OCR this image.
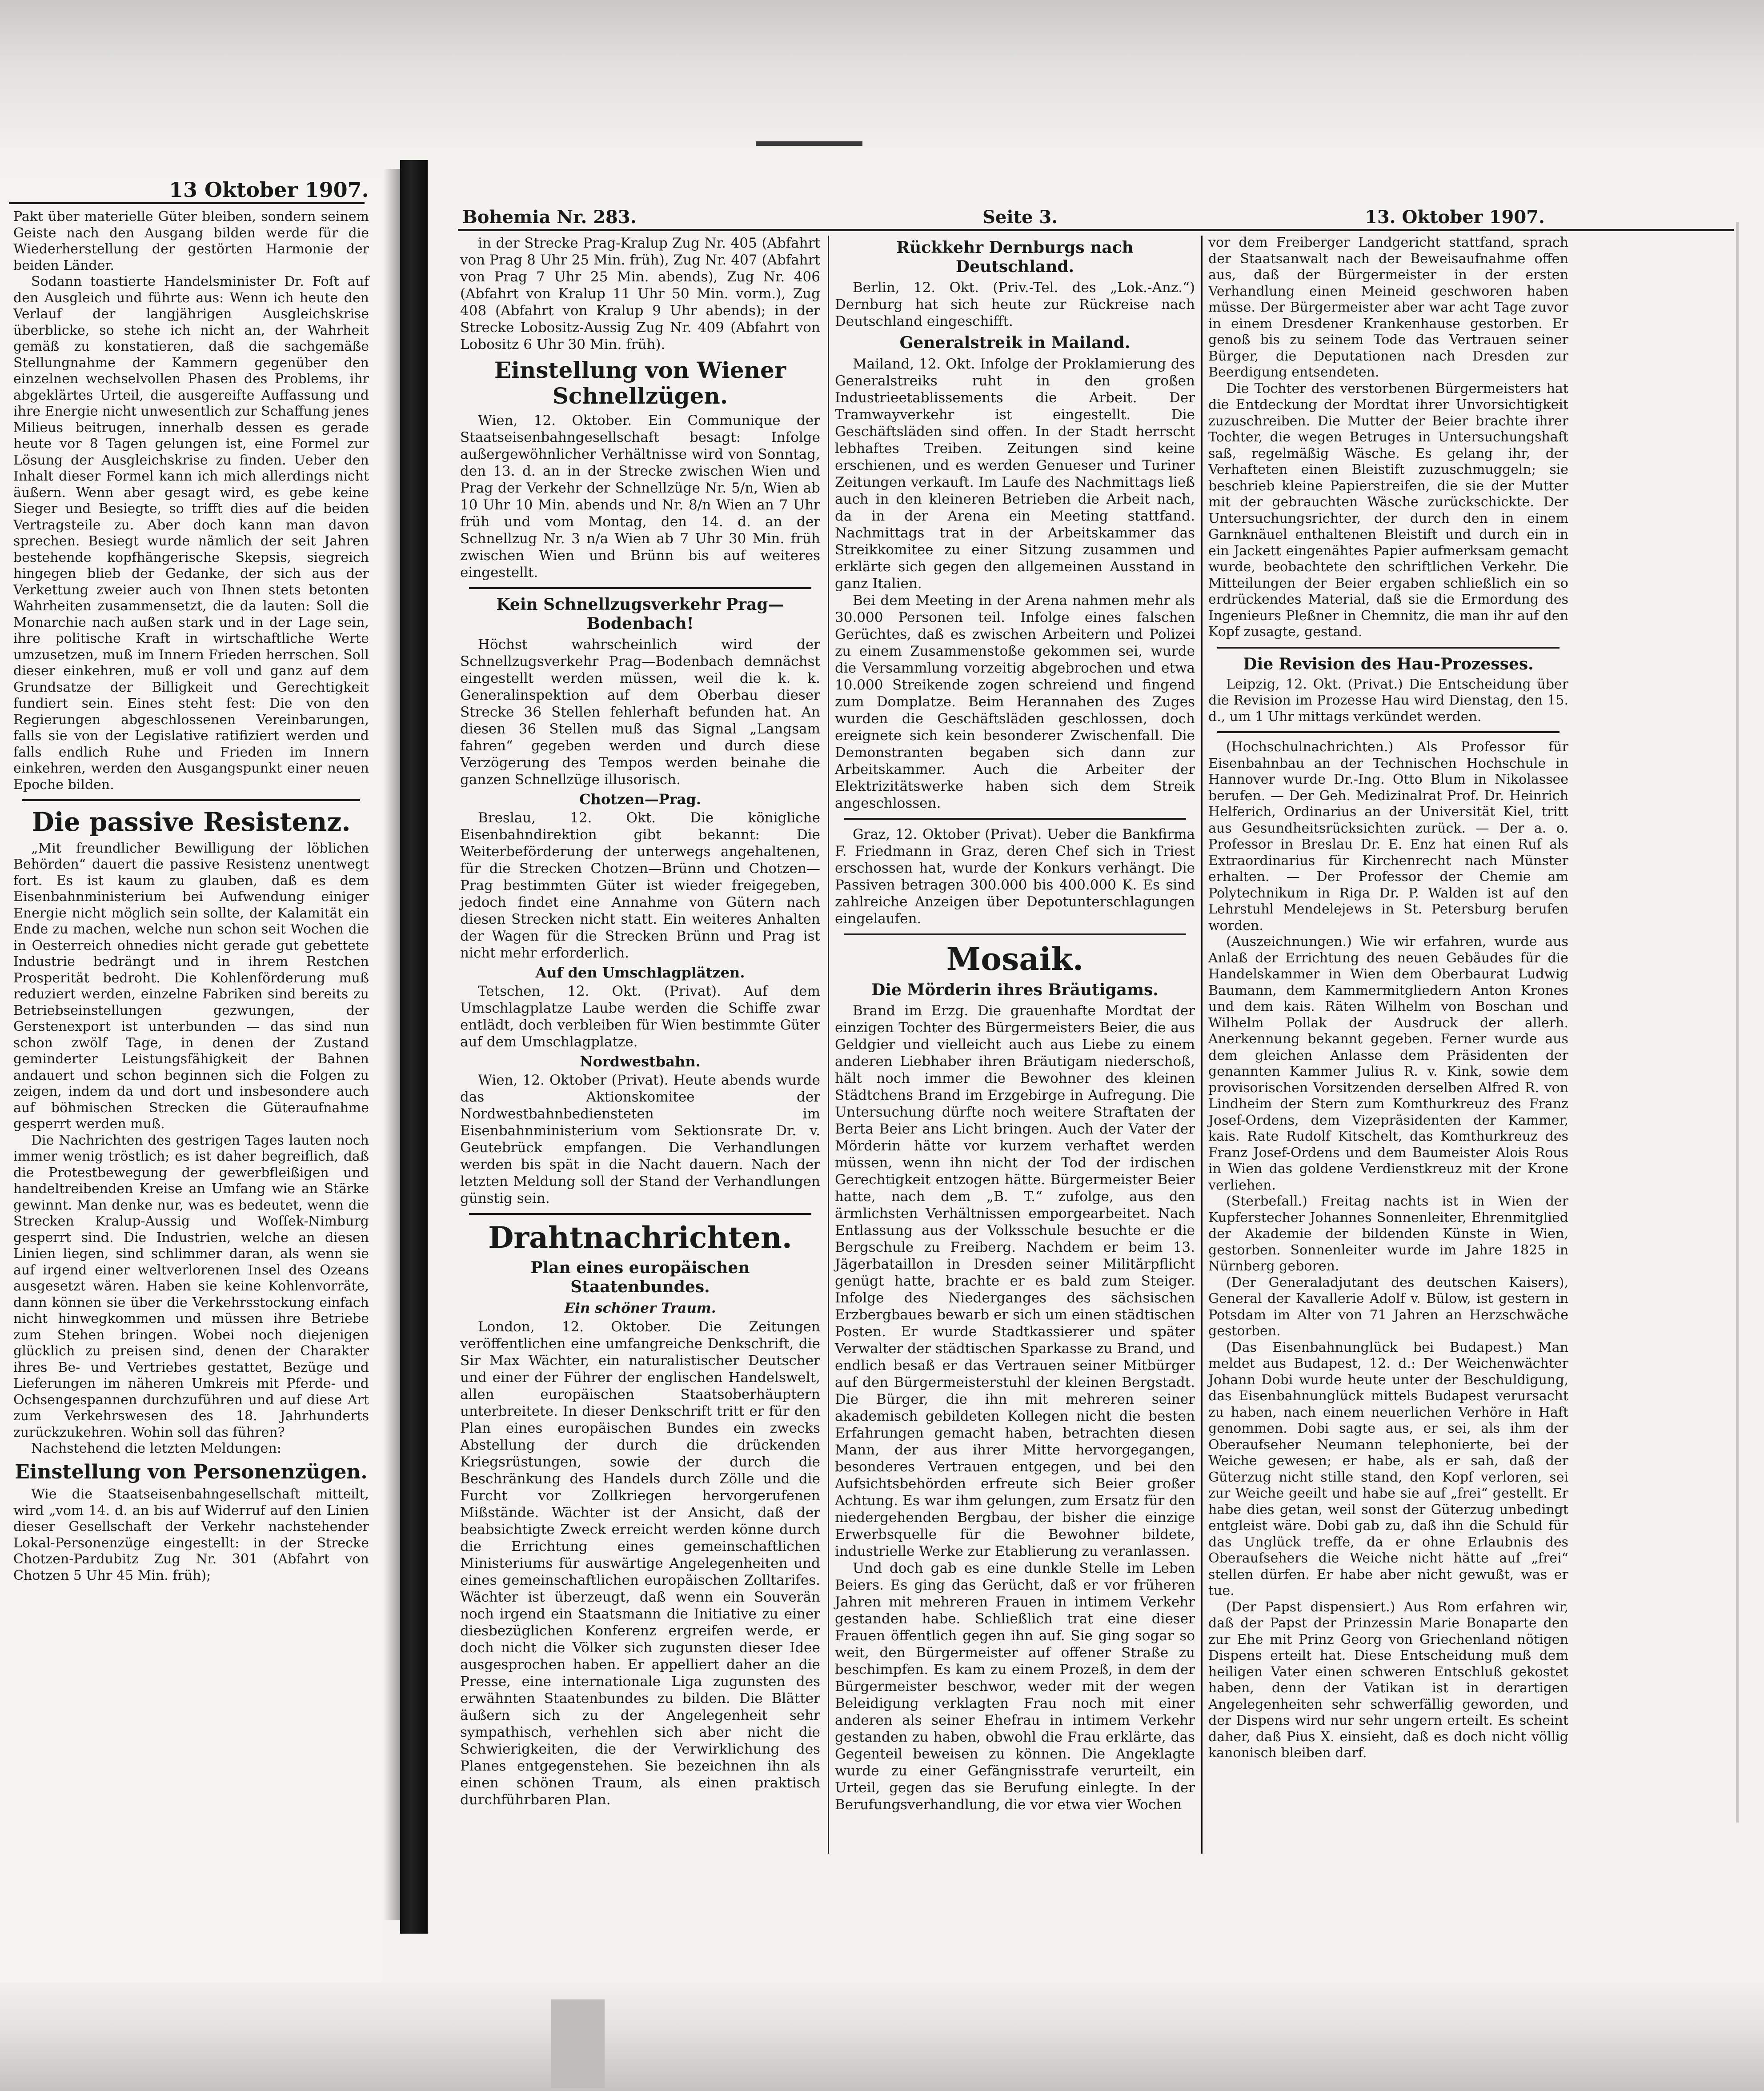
13 Oktober 1907.

Pakt über materielle Güter bleiben, sondern seinem Geiste nach den Ausgang bilden werde für die Wiederherstellung der gestörten Harmonie der beiden Länder.

Sodann toastierte Handelsminister Dr. Foſt auf den Ausgleich und führte aus: Wenn ich heute den Verlauf der langjährigen Ausgleichskrise überblicke, so stehe ich nicht an, der Wahrheit gemäß zu konstatieren, daß die sachgemäße Stellungnahme der Kammern gegenüber den einzelnen wechselvollen Phasen des Problems, ihr abgeklärtes Urteil, die ausgereifte Auffassung und ihre Energie nicht unwesentlich zur Schaffung jenes Milieus beitrugen, innerhalb dessen es gerade heute vor 8 Tagen gelungen ist, eine Formel zur Lösung der Ausgleichskrise zu finden. Ueber den Inhalt dieser Formel kann ich mich allerdings nicht äußern. Wenn aber gesagt wird, es gebe keine Sieger und Besiegte, so trifft dies auf die beiden Vertragsteile zu. Aber doch kann man davon sprechen. Besiegt wurde nämlich der seit Jahren bestehende kopfhängerische Skepsis, siegreich hingegen blieb der Gedanke, der sich aus der Verkettung zweier auch von Ihnen stets betonten Wahrheiten zusammensetzt, die da lauten: Soll die Monarchie nach außen stark und in der Lage sein, ihre politische Kraft in wirtschaftliche Werte umzusetzen, muß im Innern Frieden herrschen. Soll dieser einkehren, muß er voll und ganz auf dem Grundsatze der Billigkeit und Gerechtigkeit fundiert sein. Eines steht fest: Die von den Regierungen abgeschlossenen Vereinbarungen, falls sie von der Legislative ratifiziert werden und falls endlich Ruhe und Frieden im Innern einkehren, werden den Ausgangspunkt einer neuen Epoche bilden.

Die passive Resistenz.

„Mit freundlicher Bewilligung der löblichen Behörden“ dauert die passive Resistenz unentwegt fort. Es ist kaum zu glauben, daß es dem Eisenbahnministerium bei Aufwendung einiger Energie nicht möglich sein sollte, der Kalamität ein Ende zu machen, welche nun schon seit Wochen die in Oesterreich ohnedies nicht gerade gut gebettete Industrie bedrängt und in ihrem Restchen Prosperität bedroht. Die Kohlenförderung muß reduziert werden, einzelne Fabriken sind bereits zu Betriebseinstellungen gezwungen, der Gerstenexport ist unterbunden — das sind nun schon zwölf Tage, in denen der Zustand geminderter Leistungsfähigkeit der Bahnen andauert und schon beginnen sich die Folgen zu zeigen, indem da und dort und insbesondere auch auf böhmischen Strecken die Güteraufnahme gesperrt werden muß.

Die Nachrichten des gestrigen Tages lauten noch immer wenig tröstlich; es ist daher begreiflich, daß die Protestbewegung der gewerbfleißigen und handeltreibenden Kreise an Umfang wie an Stärke gewinnt. Man denke nur, was es bedeutet, wenn die Strecken Kralup-Aussig und Woſſek-Nimburg gesperrt sind. Die Industrien, welche an diesen Linien liegen, sind schlimmer daran, als wenn sie auf irgend einer weltverlorenen Insel des Ozeans ausgesetzt wären. Haben sie keine Kohlenvorräte, dann können sie über die Verkehrsstockung einfach nicht hinwegkommen und müssen ihre Betriebe zum Stehen bringen. Wobei noch diejenigen glücklich zu preisen sind, denen der Charakter ihres Be- und Vertriebes gestattet, Bezüge und Lieferungen im näheren Umkreis mit Pferde- und Ochsengespannen durchzuführen und auf diese Art zum Verkehrswesen des 18. Jahrhunderts zurückzukehren. Wohin soll das führen?

Nachstehend die letzten Meldungen:

Einstellung von Personenzügen.

Wie die Staatseisenbahngesellschaft mitteilt, wird „vom 14. d. an bis auf Widerruf auf den Linien dieser Gesellschaft der Verkehr nachstehender Lokal-Personenzüge eingestellt: in der Strecke Chotzen-Pardubitz Zug Nr. 301 (Abfahrt von Chotzen 5 Uhr 45 Min. früh);

Bohemia Nr. 283.	Seite 3.	13. Oktober 1907.

in der Strecke Prag-Kralup Zug Nr. 405 (Abfahrt von Prag 8 Uhr 25 Min. früh), Zug Nr. 407 (Abfahrt von Prag 7 Uhr 25 Min. abends), Zug Nr. 406 (Abfahrt von Kralup 11 Uhr 50 Min. vorm.), Zug 408 (Abfahrt von Kralup 9 Uhr abends); in der Strecke Lobositz-Aussig Zug Nr. 409 (Abfahrt von Lobositz 6 Uhr 30 Min. früh).

Einstellung von Wiener Schnellzügen.

Wien, 12. Oktober. Ein Communique der Staatseisenbahngesellschaft besagt: Infolge außergewöhnlicher Verhältnisse wird von Sonntag, den 13. d. an in der Strecke zwischen Wien und Prag der Verkehr der Schnellzüge Nr. 5/n, Wien ab 10 Uhr 10 Min. abends und Nr. 8/n Wien an 7 Uhr früh und vom Montag, den 14. d. an der Schnellzug Nr. 3 n/a Wien ab 7 Uhr 30 Min. früh zwischen Wien und Brünn bis auf weiteres eingestellt.

Kein Schnellzugsverkehr Prag—Bodenbach!

Höchst wahrscheinlich wird der Schnellzugsverkehr Prag—Bodenbach demnächst eingestellt werden müssen, weil die k. k. Generalinspektion auf dem Oberbau dieser Strecke 36 Stellen fehlerhaft befunden hat. An diesen 36 Stellen muß das Signal „Langsam fahren“ gegeben werden und durch diese Verzögerung des Tempos werden beinahe die ganzen Schnellzüge illusorisch.

Chotzen—Prag.

Breslau, 12. Okt. Die königliche Eisenbahndirektion gibt bekannt: Die Weiterbeförderung der unterwegs angehaltenen, für die Strecken Chotzen—Brünn und Chotzen—Prag bestimmten Güter ist wieder freigegeben, jedoch findet eine Annahme von Gütern nach diesen Strecken nicht statt. Ein weiteres Anhalten der Wagen für die Strecken Brünn und Prag ist nicht mehr erforderlich.

Auf den Umschlagplätzen.

Tetschen, 12. Okt. (Privat). Auf dem Umschlagplatze Laube werden die Schiffe zwar entlädt, doch verbleiben für Wien bestimmte Güter auf dem Umschlagplatze.

Nordwestbahn.

Wien, 12. Oktober (Privat). Heute abends wurde das Aktionskomitee der Nordwestbahnbediensteten im Eisenbahnministerium vom Sektionsrate Dr. v. Geutebrück empfangen. Die Verhandlungen werden bis spät in die Nacht dauern. Nach der letzten Meldung soll der Stand der Verhandlungen günstig sein.

Drahtnachrichten.
Plan eines europäischen Staatenbundes.

Ein schöner Traum.

London, 12. Oktober. Die Zeitungen veröffentlichen eine umfangreiche Denkschrift, die Sir Max Wächter, ein naturalistischer Deutscher und einer der Führer der englischen Handelswelt, allen europäischen Staatsoberhäuptern unterbreitete. In dieser Denkschrift tritt er für den Plan eines europäischen Bundes ein zwecks Abstellung der durch die drückenden Kriegsrüstungen, sowie der durch die Beschränkung des Handels durch Zölle und die Furcht vor Zollkriegen hervorgerufenen Mißstände. Wächter ist der Ansicht, daß der beabsichtigte Zweck erreicht werden könne durch die Errichtung eines gemeinschaftlichen Ministeriums für auswärtige Angelegenheiten und eines gemeinschaftlichen europäischen Zolltarifes. Wächter ist überzeugt, daß wenn ein Souverän noch irgend ein Staatsmann die Initiative zu einer diesbezüglichen Konferenz ergreifen werde, er doch nicht die Völker sich zugunsten dieser Idee ausgesprochen haben. Er appelliert daher an die Presse, eine internationale Liga zugunsten des erwähnten Staatenbundes zu bilden. Die Blätter äußern sich zu der Angelegenheit sehr sympathisch, verhehlen sich aber nicht die Schwierigkeiten, die der Verwirklichung des Planes entgegenstehen. Sie bezeichnen ihn als einen schönen Traum, als einen praktisch durchführbaren Plan.

Rückkehr Dernburgs nach Deutschland.

Berlin, 12. Okt. (Priv.-Tel. des „Lok.-Anz.“) Dernburg hat sich heute zur Rückreise nach Deutschland eingeschifft.

Generalstreik in Mailand.

Mailand, 12. Okt. Infolge der Proklamierung des Generalstreiks ruht in den großen Industrieetablissements die Arbeit. Der Tramwayverkehr ist eingestellt. Die Geschäftsläden sind offen. In der Stadt herrscht lebhaftes Treiben. Zeitungen sind keine erschienen, und es werden Genueser und Turiner Zeitungen verkauft. Im Laufe des Nachmittags ließ auch in den kleineren Betrieben die Arbeit nach, da in der Arena ein Meeting stattfand. Nachmittags trat in der Arbeitskammer das Streikkomitee zu einer Sitzung zusammen und erklärte sich gegen den allgemeinen Ausstand in ganz Italien.

Bei dem Meeting in der Arena nahmen mehr als 30.000 Personen teil. Infolge eines falschen Gerüchtes, daß es zwischen Arbeitern und Polizei zu einem Zusammenstoße gekommen sei, wurde die Versammlung vorzeitig abgebrochen und etwa 10.000 Streikende zogen schreiend und fingend zum Domplatze. Beim Herannahen des Zuges wurden die Geschäftsläden geschlossen, doch ereignete sich kein besonderer Zwischenfall. Die Demonstranten begaben sich dann zur Arbeitskammer. Auch die Arbeiter der Elektrizitätswerke haben sich dem Streik angeschlossen.

Graz, 12. Oktober (Privat). Ueber die Bankfirma F. Friedmann in Graz, deren Chef sich in Triest erschossen hat, wurde der Konkurs verhängt. Die Passiven betragen 300.000 bis 400.000 K. Es sind zahlreiche Anzeigen über Depotunterschlagungen eingelaufen.

Mosaik.
Die Mörderin ihres Bräutigams.

Brand im Erzg. Die grauenhafte Mordtat der einzigen Tochter des Bürgermeisters Beier, die aus Geldgier und vielleicht auch aus Liebe zu einem anderen Liebhaber ihren Bräutigam niederschoß, hält noch immer die Bewohner des kleinen Städtchens Brand im Erzgebirge in Aufregung. Die Untersuchung dürfte noch weitere Straftaten der Berta Beier ans Licht bringen. Auch der Vater der Mörderin hätte vor kurzem verhaftet werden müssen, wenn ihn nicht der Tod der irdischen Gerechtigkeit entzogen hätte. Bürgermeister Beier hatte, nach dem „B. T.“ zufolge, aus den ärmlichsten Verhältnissen emporgearbeitet. Nach Entlassung aus der Volksschule besuchte er die Bergschule zu Freiberg. Nachdem er beim 13. Jägerbataillon in Dresden seiner Militärpflicht genügt hatte, brachte er es bald zum Steiger. Infolge des Niederganges des sächsischen Erzbergbaues bewarb er sich um einen städtischen Posten. Er wurde Stadtkassierer und später Verwalter der städtischen Sparkasse zu Brand, und endlich besaß er das Vertrauen seiner Mitbürger auf den Bürgermeisterstuhl der kleinen Bergstadt. Die Bürger, die ihn mit mehreren seiner akademisch gebildeten Kollegen nicht die besten Erfahrungen gemacht haben, betrachten diesen Mann, der aus ihrer Mitte hervorgegangen, besonderes Vertrauen entgegen, und bei den Aufsichtsbehörden erfreute sich Beier großer Achtung. Es war ihm gelungen, zum Ersatz für den niedergehenden Bergbau, der bisher die einzige Erwerbsquelle für die Bewohner bildete, industrielle Werke zur Etablierung zu veranlassen.

Und doch gab es eine dunkle Stelle im Leben Beiers. Es ging das Gerücht, daß er vor früheren Jahren mit mehreren Frauen in intimem Verkehr gestanden habe. Schließlich trat eine dieser Frauen öffentlich gegen ihn auf. Sie ging sogar so weit, den Bürgermeister auf offener Straße zu beschimpfen. Es kam zu einem Prozeß, in dem der Bürgermeister beschwor, weder mit der wegen Beleidigung verklagten Frau noch mit einer anderen als seiner Ehefrau in intimem Verkehr gestanden zu haben, obwohl die Frau erklärte, das Gegenteil beweisen zu können. Die Angeklagte wurde zu einer Gefängnisstrafe verurteilt, ein Urteil, gegen das sie Berufung einlegte. In der Berufungsverhandlung, die vor etwa vier Wochen

vor dem Freiberger Landgericht stattfand, sprach der Staatsanwalt nach der Beweisaufnahme offen aus, daß der Bürgermeister in der ersten Verhandlung einen Meineid geschworen haben müsse. Der Bürgermeister aber war acht Tage zuvor in einem Dresdener Krankenhause gestorben. Er genoß bis zu seinem Tode das Vertrauen seiner Bürger, die Deputationen nach Dresden zur Beerdigung entsendeten.

Die Tochter des verstorbenen Bürgermeisters hat die Entdeckung der Mordtat ihrer Unvorsichtigkeit zuzuschreiben. Die Mutter der Beier brachte ihrer Tochter, die wegen Betruges in Untersuchungshaft saß, regelmäßig Wäsche. Es gelang ihr, der Verhafteten einen Bleistift zuzuschmuggeln; sie beschrieb kleine Papierstreifen, die sie der Mutter mit der gebrauchten Wäsche zurückschickte. Der Untersuchungsrichter, der durch den in einem Garnknäuel enthaltenen Bleistift und durch ein in ein Jackett eingenähtes Papier aufmerksam gemacht wurde, beobachtete den schriftlichen Verkehr. Die Mitteilungen der Beier ergaben schließlich ein so erdrückendes Material, daß sie die Ermordung des Ingenieurs Pleßner in Chemnitz, die man ihr auf den Kopf zusagte, gestand.

Die Revision des Hau-Prozesses.

Leipzig, 12. Okt. (Privat.) Die Entscheidung über die Revision im Prozesse Hau wird Dienstag, den 15. d., um 1 Uhr mittags verkündet werden.

(Hochschulnachrichten.) Als Professor für Eisenbahnbau an der Technischen Hochschule in Hannover wurde Dr.-Ing. Otto Blum in Nikolassee berufen. — Der Geh. Medizinalrat Prof. Dr. Heinrich Helferich, Ordinarius an der Universität Kiel, tritt aus Gesundheitsrücksichten zurück. — Der a. o. Professor in Breslau Dr. E. Enz hat einen Ruf als Extraordinarius für Kirchenrecht nach Münster erhalten. — Der Professor der Chemie am Polytechnikum in Riga Dr. P. Walden ist auf den Lehrstuhl Mendelejews in St. Petersburg berufen worden.

(Auszeichnungen.) Wie wir erfahren, wurde aus Anlaß der Errichtung des neuen Gebäudes für die Handelskammer in Wien dem Oberbaurat Ludwig Baumann, dem Kammermitgliedern Anton Krones und dem kais. Räten Wilhelm von Boschan und Wilhelm Pollak der Ausdruck der allerh. Anerkennung bekannt gegeben. Ferner wurde aus dem gleichen Anlasse dem Präsidenten der genannten Kammer Julius R. v. Kink, sowie dem provisorischen Vorsitzenden derselben Alfred R. von Lindheim der Stern zum Komthurkreuz des Franz Josef-Ordens, dem Vizepräsidenten der Kammer, kais. Rate Rudolf Kitschelt, das Komthurkreuz des Franz Josef-Ordens und dem Baumeister Alois Rous in Wien das goldene Verdienstkreuz mit der Krone verliehen.

(Sterbefall.) Freitag nachts ist in Wien der Kupferstecher Johannes Sonnenleiter, Ehrenmitglied der Akademie der bildenden Künste in Wien, gestorben. Sonnenleiter wurde im Jahre 1825 in Nürnberg geboren.

(Der Generaladjutant des deutschen Kaisers), General der Kavallerie Adolf v. Bülow, ist gestern in Potsdam im Alter von 71 Jahren an Herzschwäche gestorben.

(Das Eisenbahnunglück bei Budapest.) Man meldet aus Budapest, 12. d.: Der Weichenwächter Johann Dobi wurde heute unter der Beschuldigung, das Eisenbahnunglück mittels Budapest verursacht zu haben, nach einem neuerlichen Verhöre in Haft genommen. Dobi sagte aus, er sei, als ihm der Oberaufseher Neumann telephonierte, bei der Weiche gewesen; er habe, als er sah, daß der Güterzug nicht stille stand, den Kopf verloren, sei zur Weiche geeilt und habe sie auf „frei“ gestellt. Er habe dies getan, weil sonst der Güterzug unbedingt entgleist wäre. Dobi gab zu, daß ihn die Schuld für das Unglück treffe, da er ohne Erlaubnis des Oberaufsehers die Weiche nicht hätte auf „frei“ stellen dürfen. Er habe aber nicht gewußt, was er tue.

(Der Papst dispensiert.) Aus Rom erfahren wir, daß der Papst der Prinzessin Marie Bonaparte den zur Ehe mit Prinz Georg von Griechenland nötigen Dispens erteilt hat. Diese Entscheidung muß dem heiligen Vater einen schweren Entschluß gekostet haben, denn der Vatikan ist in derartigen Angelegenheiten sehr schwerfällig geworden, und der Dispens wird nur sehr ungern erteilt. Es scheint daher, daß Pius X. einsieht, daß es doch nicht völlig kanonisch bleiben darf.
